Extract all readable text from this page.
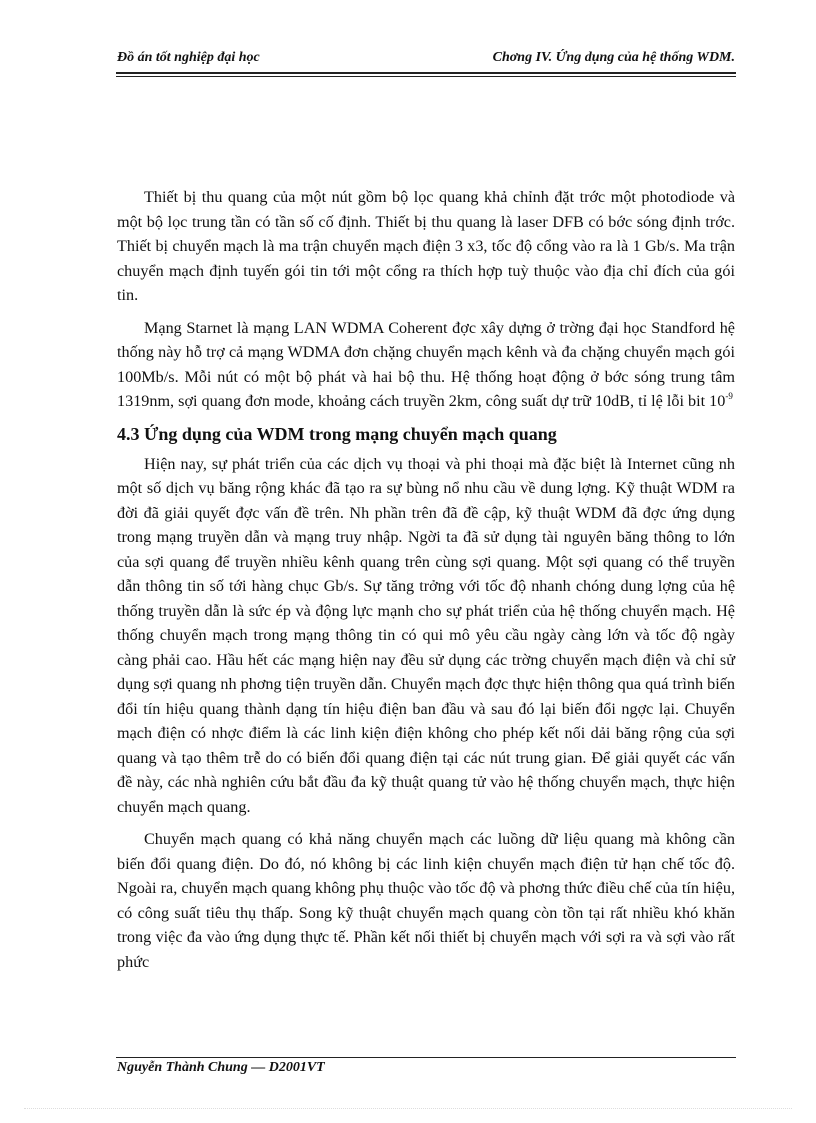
Đồ án tốt nghiệp đại học	Chơng IV. Ứng dụng của hệ thống WDM.

Thiết bị thu quang của một nút gồm bộ lọc quang khả chỉnh đặt trớc một photodiode và một bộ lọc trung tần có tần số cố định. Thiết bị thu quang là laser DFB có bớc sóng định trớc. Thiết bị chuyển mạch là ma trận chuyển mạch điện 3 x3, tốc độ cổng vào ra là 1 Gb/s. Ma trận chuyển mạch định tuyến gói tin tới một cổng ra thích hợp tuỳ thuộc vào địa chỉ đích của gói tin.

Mạng Starnet là mạng LAN WDMA Coherent đợc xây dựng ở trờng đại học Standford hệ thống này hỗ trợ cả mạng WDMA đơn chặng chuyển mạch kênh và đa chặng chuyển mạch gói 100Mb/s. Mỗi nút có một bộ phát và hai bộ thu. Hệ thống hoạt động ở bớc sóng trung tâm 1319nm, sợi quang đơn mode, khoảng cách truyền 2km, công suất dự trữ 10dB, tỉ lệ lỗi bit $10^{-9}$

4.3 Ứng dụng của WDM trong mạng chuyển mạch quang

Hiện nay, sự phát triển của các dịch vụ thoại và phi thoại mà đặc biệt là Internet cũng nh một số dịch vụ băng rộng khác đã tạo ra sự bùng nổ nhu cầu về dung lợng. Kỹ thuật WDM ra đời đã giải quyết đợc vấn đề trên. Nh phần trên đã đề cập, kỹ thuật WDM đã đợc ứng dụng trong mạng truyền dẫn và mạng truy nhập. Ngời ta đã sử dụng tài nguyên băng thông to lớn của sợi quang để truyền nhiều kênh quang trên cùng sợi quang. Một sợi quang có thể truyền dẫn thông tin số tới hàng chục Gb/s. Sự tăng trởng với tốc độ nhanh chóng dung lợng của hệ thống truyền dẫn là sức ép và động lực mạnh cho sự phát triển của hệ thống chuyển mạch. Hệ thống chuyển mạch trong mạng thông tin có qui mô yêu cầu ngày càng lớn và tốc độ ngày càng phải cao. Hầu hết các mạng hiện nay đều sử dụng các trờng chuyển mạch điện và chỉ sử dụng sợi quang nh phơng tiện truyền dẫn. Chuyển mạch đợc thực hiện thông qua quá trình biến đổi tín hiệu quang thành dạng tín hiệu điện ban đầu và sau đó lại biến đổi ngợc lại. Chuyển mạch điện có nhợc điểm là các linh kiện điện không cho phép kết nối dải băng rộng của sợi quang và tạo thêm trễ do có biến đổi quang điện tại các nút trung gian. Để giải quyết các vấn đề này, các nhà nghiên cứu bắt đầu đa kỹ thuật quang tử vào hệ thống chuyển mạch, thực hiện chuyển mạch quang.

Chuyển mạch quang có khả năng chuyển mạch các luồng dữ liệu quang mà không cần biến đổi quang điện. Do đó, nó không bị các linh kiện chuyển mạch điện tử hạn chế tốc độ. Ngoài ra, chuyển mạch quang không phụ thuộc vào tốc độ và phơng thức điều chế của tín hiệu, có công suất tiêu thụ thấp. Song kỹ thuật chuyển mạch quang còn tồn tại rất nhiều khó khăn trong việc đa vào ứng dụng thực tế. Phần kết nối thiết bị chuyển mạch với sợi ra và sợi vào rất phức

Nguyễn Thành Chung — D2001VT
